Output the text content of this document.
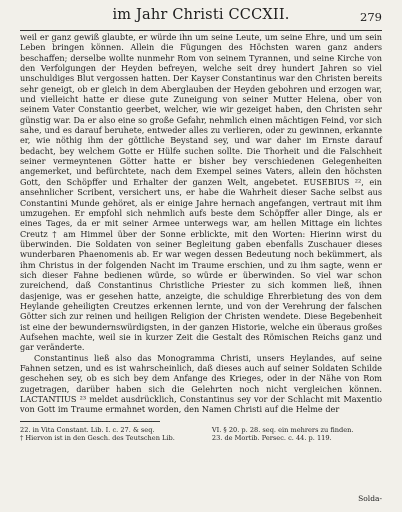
im Jahr Christi CCCXII.	279

weil er ganz gewiß glaubte, er würde ihn um seine Leute, um seine Ehre, und um sein Leben bringen können. Allein die Fügungen des Höchsten waren ganz anders beschaffen; derselbe wollte nunmehr Rom von seinem Tyrannen, und seine Kirche von den Verfolgungen der Heyden befreyen, welche seit drey hundert Jahren so viel unschuldiges Blut vergossen hatten. Der Kayser Constantinus war den Christen bereits sehr geneigt, ob er gleich in dem Aberglauben der Heyden gebohren und erzogen war, und vielleicht hatte er diese gute Zuneigung von seiner Mutter Helena, ober von seinem Vater Constantio geerbet, welcher, wie wir gezeiget haben, den Christen sehr günstig war. Da er also eine so große Gefahr, nehmlich einen mächtigen Feind, vor sich sahe, und es darauf beruhete, entweder alles zu verlieren, oder zu gewinnen, erkannte er, wie nöthig ihm der göttliche Beystand sey, und war daher im Ernste darauf bedacht, bey welchem Gotte er Hülfe suchen sollte. Die Thorheit und die Falschheit seiner vermeyntenen Götter hatte er bisher bey verschiedenen Gelegenheiten angemerket, und befürchtete, nach dem Exempel seines Vaters, allein den höchsten Gott, den Schöpffer und Erhalter der ganzen Welt, angebetet. EUSEBIUS ²², ein ansehnlicher Scribent, versichert uns, er habe die Wahrheit dieser Sache selbst aus Constantini Munde gehöret, als er einige Jahre hernach angefangen, vertraut mit ihm umzugehen. Er empfohl sich nehmlich aufs beste dem Schöpffer aller Dinge, als er eines Tages, da er mit seiner Armee unterwegs war, am hellen Mittage ein lichtes Creutz † am Himmel über der Sonne erblickte, mit den Worten: Hierinn wirst du überwinden. Die Soldaten von seiner Begleitung gaben ebenfalls Zuschauer dieses wunderbaren Phaenomenis ab. Er war wegen dessen Bedeutung noch bekümmert, als ihm Christus in der folgenden Nacht im Traume erschien, und zu ihm sagte, wenn er sich dieser Fahne bedienen würde, so würde er überwinden. So viel war schon zureichend, daß Constantinus Christliche Priester zu sich kommen ließ, ihnen dasjenige, was er gesehen hatte, anzeigte, die schuldige Ehrerbietung des von dem Heylande geheiligten Creutzes erkennen lernte, und von der Verehrung der falschen Götter sich zur reinen und heiligen Religion der Christen wendete. Diese Begebenheit ist eine der bewundernswürdigsten, in der ganzen Historie, welche ein überaus großes Aufsehen machte, weil sie in kurzer Zeit die Gestalt des Römischen Reichs ganz und gar veränderte.

Constantinus ließ also das Monogramma Christi, unsers Heylandes, auf seine Fahnen setzen, und es ist wahrscheinlich, daß dieses auch auf seiner Soldaten Schilde geschehen sey, ob es sich bey dem Anfange des Krieges, oder in der Nähe von Rom zugetragen, darüber haben sich die Gelehrten noch nicht vergleichen können. LACTANTIUS ²³ meldet ausdrücklich, Constantinus sey vor der Schlacht mit Maxentio von Gott im Traume ermahnet worden, den Namen Christi auf die Helme der

22. in Vita Constant. Lib. I. c. 27. & seq.
† Hiervon ist in den Gesch. des Teutschen Lib.
VI. § 20. p. 28. seq. ein mehrers zu finden.
23. de Mortib. Persec. c. 44. p. 119.
Solda-
